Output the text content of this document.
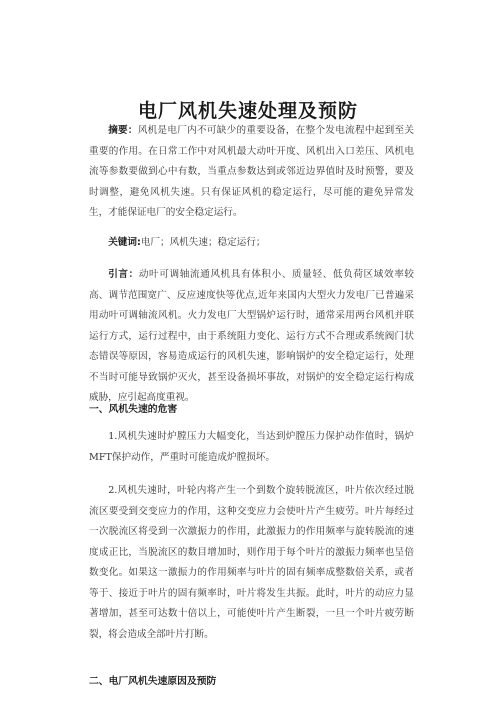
电厂风机失速处理及预防
摘要：风机是电厂内不可缺少的重要设备，在整个发电流程中起到至关重要的作用。在日常工作中对风机最大动叶开度、风机出入口差压、风机电流等参数要做到心中有数，当重点参数达到或邻近边界值时及时预警，要及时调整，避免风机失速。只有保证风机的稳定运行，尽可能的避免异常发生，才能保证电厂的安全稳定运行。
关键词:电厂；风机失速；稳定运行；
引言：动叶可调轴流通风机具有体积小、质量轻、低负荷区域效率较高、调节范围宽广、反应速度快等优点,近年来国内大型火力发电厂已普遍采用动叶可调轴流风机。火力发电厂大型锅炉运行时，通常采用两台风机并联运行方式，运行过程中，由于系统阻力变化、运行方式不合理或系统阀门状态错误等原因，容易造成运行的风机失速，影响锅炉的安全稳定运行，处理不当时可能导致锅炉灭火，甚至设备损坏事故，对锅炉的安全稳定运行构成威胁，应引起高度重视。
一、风机失速的危害
1.风机失速时炉膛压力大幅变化，当达到炉膛压力保护动作值时，锅炉MFT保护动作，严重时可能造成炉膛损坏。
2.风机失速时，叶轮内将产生一个到数个旋转脱流区，叶片依次经过脱流区要受到交变应力的作用，这种交变应力会使叶片产生疲劳。叶片每经过一次脱流区将受到一次激振力的作用，此激振力的作用频率与旋转脱流的速度成正比，当脱流区的数目增加时，则作用于每个叶片的激振力频率也呈倍数变化。如果这一激振力的作用频率与叶片的固有频率成整数倍关系，或者等于、接近于叶片的固有频率时，叶片将发生共振。此时，叶片的动应力显著增加，甚至可达数十倍以上，可能使叶片产生断裂，一旦一个叶片疲劳断裂，将会造成全部叶片打断。
二、电厂风机失速原因及预防
